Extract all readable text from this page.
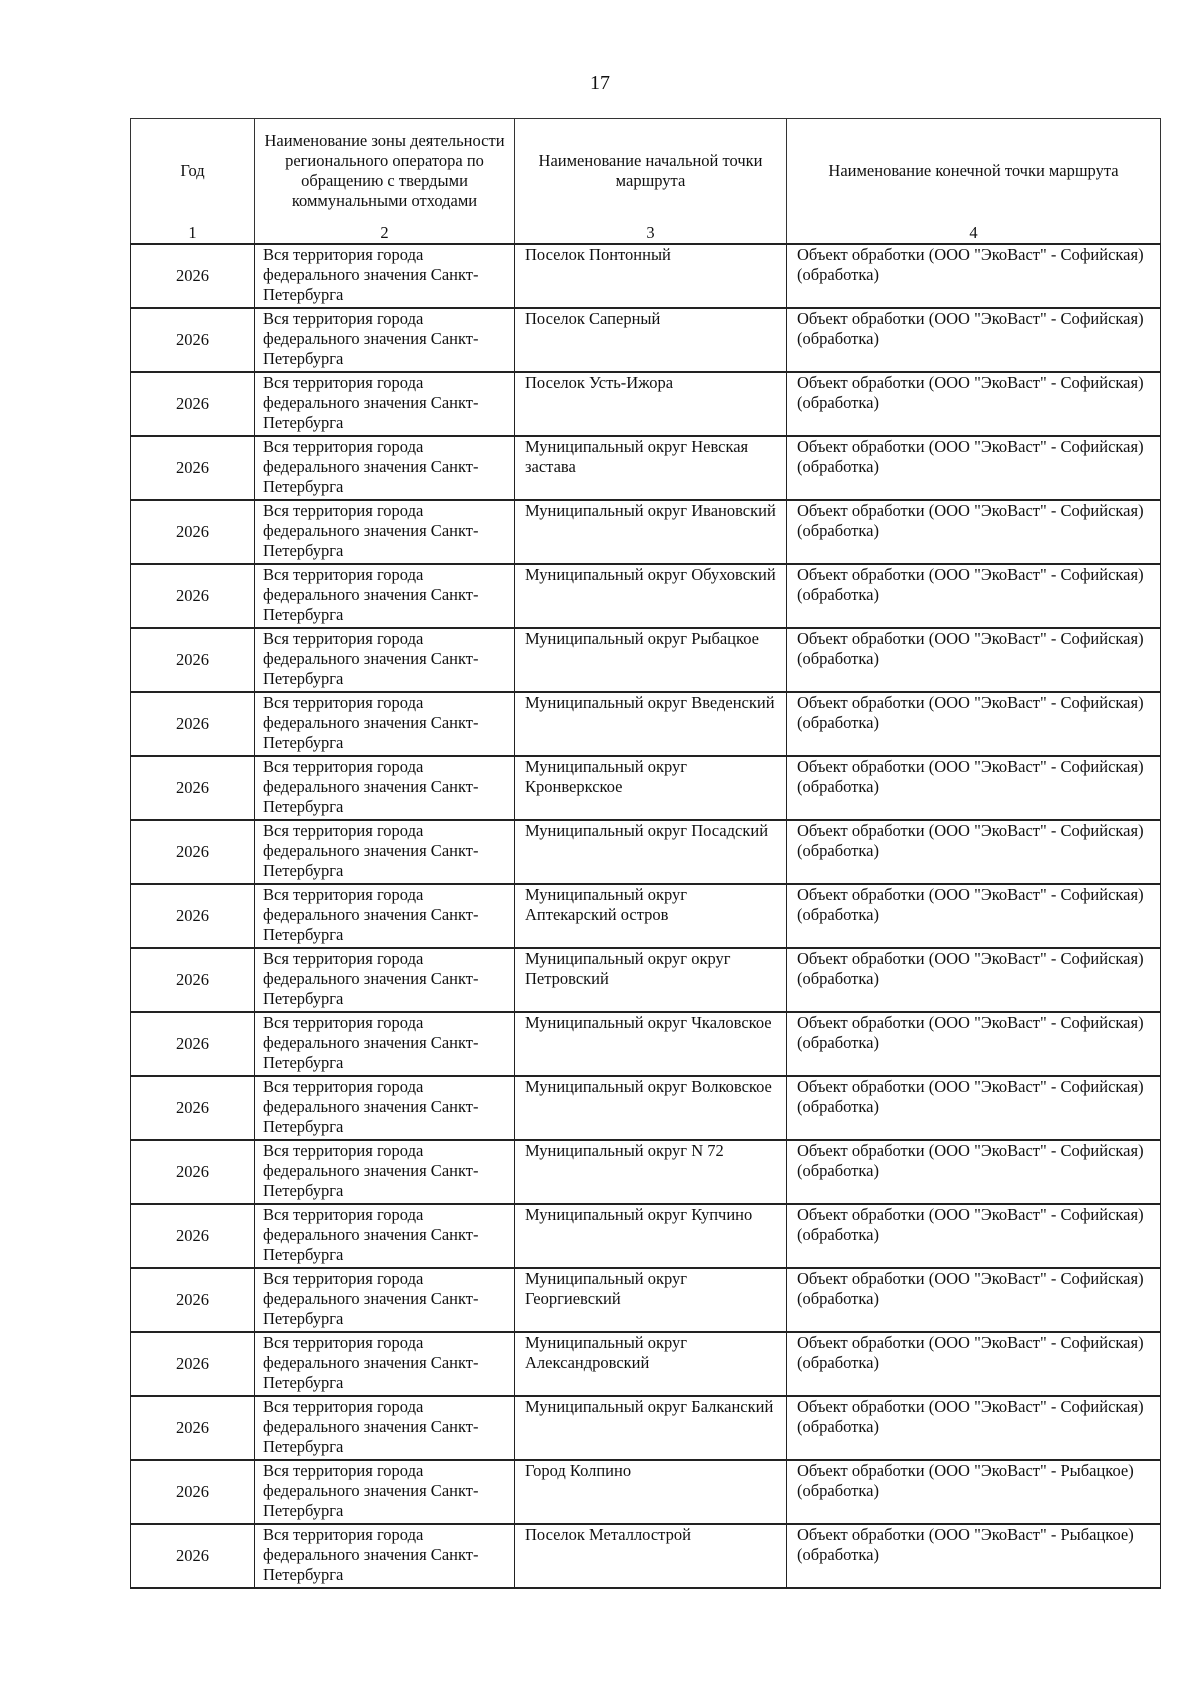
17
Год	Наименование зоны деятельности регионального оператора по обращению с твердыми коммунальными отходами	Наименование начальной точки маршрута	Наименование конечной точки маршрута
1	2	3	4
2026	Вся территория города федерального значения Санкт-Петербурга	Поселок Понтонный	Объект обработки (ООО "ЭкоВаст" - Софийская) (обработка)
2026	Вся территория города федерального значения Санкт-Петербурга	Поселок Саперный	Объект обработки (ООО "ЭкоВаст" - Софийская) (обработка)
2026	Вся территория города федерального значения Санкт-Петербурга	Поселок Усть-Ижора	Объект обработки (ООО "ЭкоВаст" - Софийская) (обработка)
2026	Вся территория города федерального значения Санкт-Петербурга	Муниципальный округ Невская застава	Объект обработки (ООО "ЭкоВаст" - Софийская) (обработка)
2026	Вся территория города федерального значения Санкт-Петербурга	Муниципальный округ Ивановский	Объект обработки (ООО "ЭкоВаст" - Софийская) (обработка)
2026	Вся территория города федерального значения Санкт-Петербурга	Муниципальный округ Обуховский	Объект обработки (ООО "ЭкоВаст" - Софийская) (обработка)
2026	Вся территория города федерального значения Санкт-Петербурга	Муниципальный округ Рыбацкое	Объект обработки (ООО "ЭкоВаст" - Софийская) (обработка)
2026	Вся территория города федерального значения Санкт-Петербурга	Муниципальный округ Введенский	Объект обработки (ООО "ЭкоВаст" - Софийская) (обработка)
2026	Вся территория города федерального значения Санкт-Петербурга	Муниципальный округ Кронверкское	Объект обработки (ООО "ЭкоВаст" - Софийская) (обработка)
2026	Вся территория города федерального значения Санкт-Петербурга	Муниципальный округ Посадский	Объект обработки (ООО "ЭкоВаст" - Софийская) (обработка)
2026	Вся территория города федерального значения Санкт-Петербурга	Муниципальный округ Аптекарский остров	Объект обработки (ООО "ЭкоВаст" - Софийская) (обработка)
2026	Вся территория города федерального значения Санкт-Петербурга	Муниципальный округ округ Петровский	Объект обработки (ООО "ЭкоВаст" - Софийская) (обработка)
2026	Вся территория города федерального значения Санкт-Петербурга	Муниципальный округ Чкаловское	Объект обработки (ООО "ЭкоВаст" - Софийская) (обработка)
2026	Вся территория города федерального значения Санкт-Петербурга	Муниципальный округ Волковское	Объект обработки (ООО "ЭкоВаст" - Софийская) (обработка)
2026	Вся территория города федерального значения Санкт-Петербурга	Муниципальный округ N 72	Объект обработки (ООО "ЭкоВаст" - Софийская) (обработка)
2026	Вся территория города федерального значения Санкт-Петербурга	Муниципальный округ Купчино	Объект обработки (ООО "ЭкоВаст" - Софийская) (обработка)
2026	Вся территория города федерального значения Санкт-Петербурга	Муниципальный округ Георгиевский	Объект обработки (ООО "ЭкоВаст" - Софийская) (обработка)
2026	Вся территория города федерального значения Санкт-Петербурга	Муниципальный округ Александровский	Объект обработки (ООО "ЭкоВаст" - Софийская) (обработка)
2026	Вся территория города федерального значения Санкт-Петербурга	Муниципальный округ Балканский	Объект обработки (ООО "ЭкоВаст" - Софийская) (обработка)
2026	Вся территория города федерального значения Санкт-Петербурга	Город Колпино	Объект обработки (ООО "ЭкоВаст" - Рыбацкое) (обработка)
2026	Вся территория города федерального значения Санкт-Петербурга	Поселок Металлострой	Объект обработки (ООО "ЭкоВаст" - Рыбацкое) (обработка)
